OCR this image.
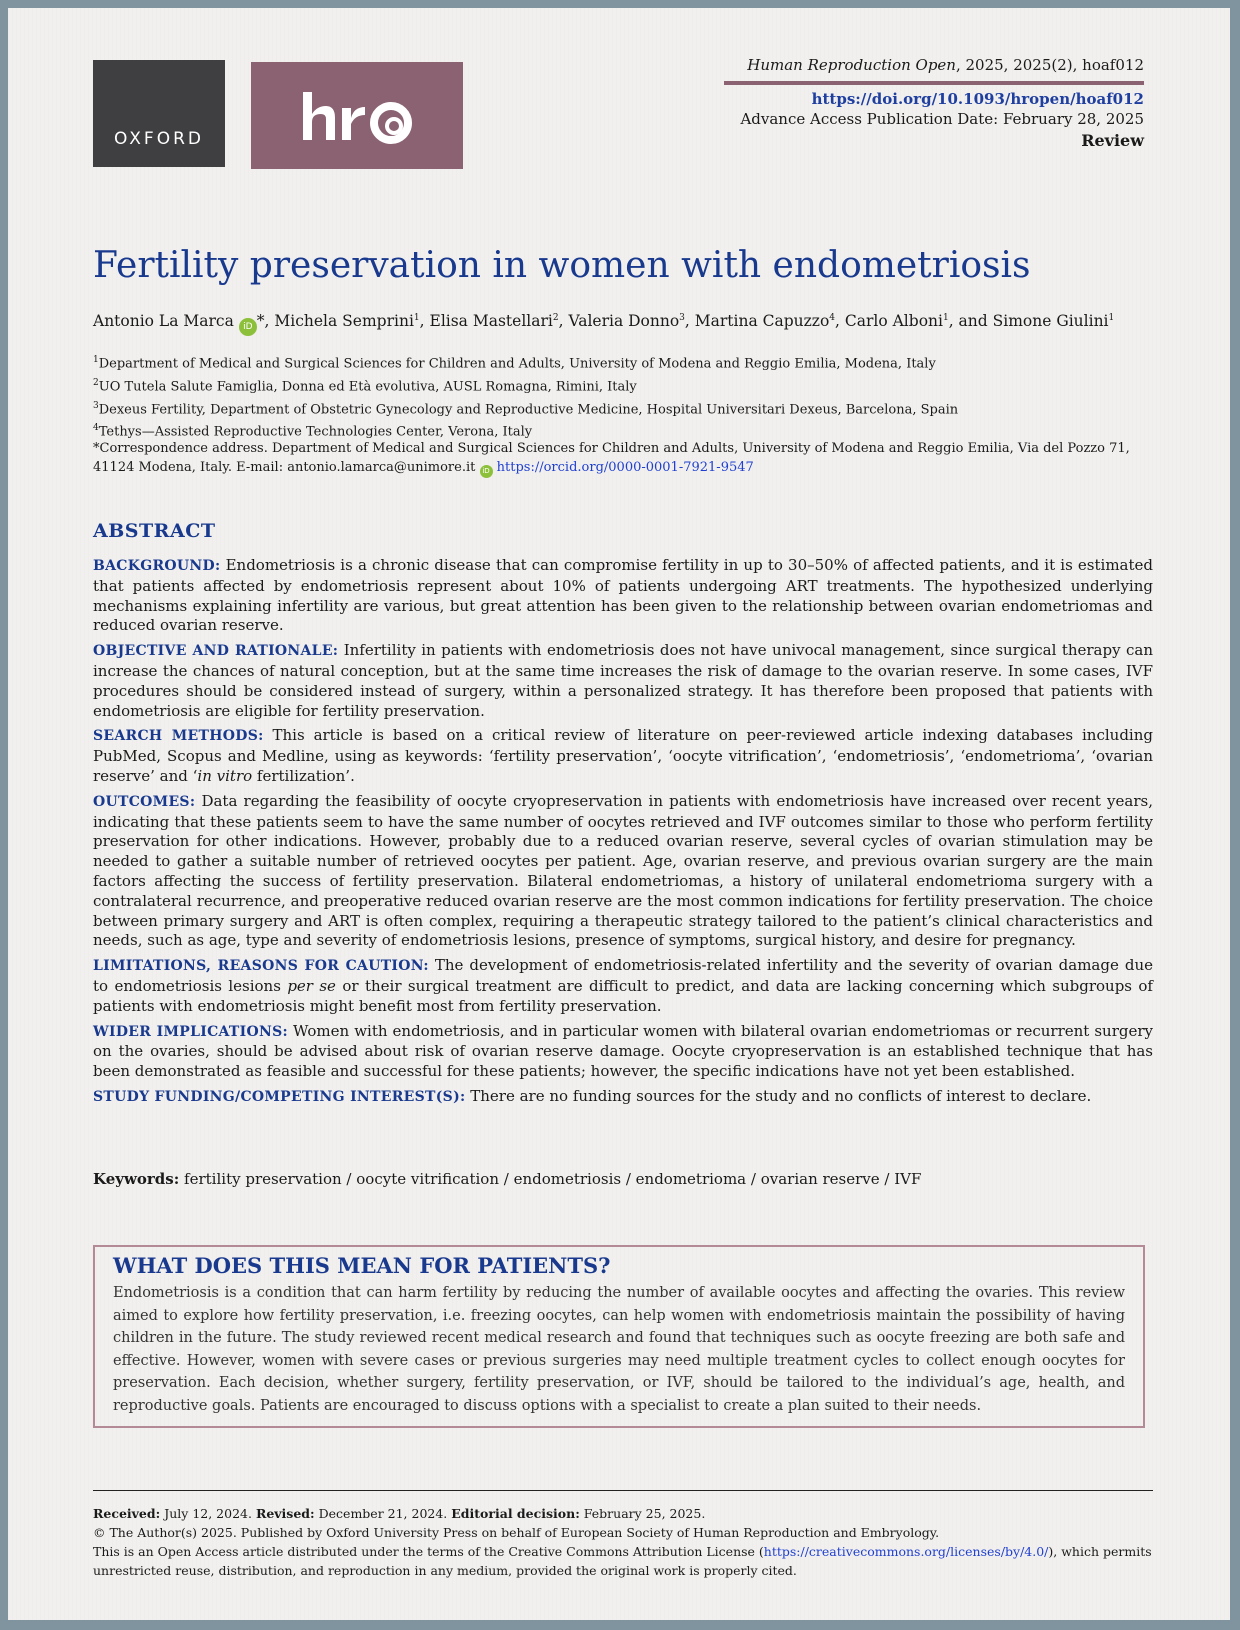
OXFORD
Human Reproduction Open, 2025, 2025(2), hoaf012
https://doi.org/10.1093/hropen/hoaf012
Advance Access Publication Date: February 28, 2025
Review
Fertility preservation in women with endometriosis
Antonio La Marca iD *, Michela Semprini$^1$, Elisa Mastellari$^2$, Valeria Donno$^3$, Martina Capuzzo$^4$, Carlo Alboni$^1$, and Simone Giulini$^1$
$^1$Department of Medical and Surgical Sciences for Children and Adults, University of Modena and Reggio Emilia, Modena, Italy
$^2$UO Tutela Salute Famiglia, Donna ed Età evolutiva, AUSL Romagna, Rimini, Italy
$^3$Dexeus Fertility, Department of Obstetric Gynecology and Reproductive Medicine, Hospital Universitari Dexeus, Barcelona, Spain
$^4$Tethys—Assisted Reproductive Technologies Center, Verona, Italy
*Correspondence address. Department of Medical and Surgical Sciences for Children and Adults, University of Modena and Reggio Emilia, Via del Pozzo 71, 41124 Modena, Italy. E-mail: antonio.lamarca@unimore.it iD https://orcid.org/0000-0001-7921-9547
ABSTRACT

BACKGROUND: Endometriosis is a chronic disease that can compromise fertility in up to 30–50% of affected patients, and it is estimated that patients affected by endometriosis represent about 10% of patients undergoing ART treatments. The hypothesized underlying mechanisms explaining infertility are various, but great attention has been given to the relationship between ovarian endometriomas and reduced ovarian reserve.

OBJECTIVE AND RATIONALE: Infertility in patients with endometriosis does not have univocal management, since surgical therapy can increase the chances of natural conception, but at the same time increases the risk of damage to the ovarian reserve. In some cases, IVF procedures should be considered instead of surgery, within a personalized strategy. It has therefore been proposed that patients with endometriosis are eligible for fertility preservation.

SEARCH METHODS: This article is based on a critical review of literature on peer-reviewed article indexing databases including PubMed, Scopus and Medline, using as keywords: ‘fertility preservation’, ‘oocyte vitrification’, ‘endometriosis’, ‘endometrioma’, ‘ovarian reserve’ and ‘in vitro fertilization’.

OUTCOMES: Data regarding the feasibility of oocyte cryopreservation in patients with endometriosis have increased over recent years, indicating that these patients seem to have the same number of oocytes retrieved and IVF outcomes similar to those who perform fertility preservation for other indications. However, probably due to a reduced ovarian reserve, several cycles of ovarian stimulation may be needed to gather a suitable number of retrieved oocytes per patient. Age, ovarian reserve, and previous ovarian surgery are the main factors affecting the success of fertility preservation. Bilateral endometriomas, a history of unilateral endometrioma surgery with a contralateral recurrence, and preoperative reduced ovarian reserve are the most common indications for fertility preservation. The choice between primary surgery and ART is often complex, requiring a therapeutic strategy tailored to the patient’s clinical characteristics and needs, such as age, type and severity of endometriosis lesions, presence of symptoms, surgical history, and desire for pregnancy.

LIMITATIONS, REASONS FOR CAUTION: The development of endometriosis-related infertility and the severity of ovarian damage due to endometriosis lesions per se or their surgical treatment are difficult to predict, and data are lacking concerning which subgroups of patients with endometriosis might benefit most from fertility preservation.

WIDER IMPLICATIONS: Women with endometriosis, and in particular women with bilateral ovarian endometriomas or recurrent surgery on the ovaries, should be advised about risk of ovarian reserve damage. Oocyte cryopreservation is an established technique that has been demonstrated as feasible and successful for these patients; however, the specific indications have not yet been established.

STUDY FUNDING/COMPETING INTEREST(S): There are no funding sources for the study and no conflicts of interest to declare.

Keywords: fertility preservation / oocyte vitrification / endometriosis / endometrioma / ovarian reserve / IVF
WHAT DOES THIS MEAN FOR PATIENTS?

Endometriosis is a condition that can harm fertility by reducing the number of available oocytes and affecting the ovaries. This review aimed to explore how fertility preservation, i.e. freezing oocytes, can help women with endometriosis maintain the possibility of having children in the future. The study reviewed recent medical research and found that techniques such as oocyte freezing are both safe and effective. However, women with severe cases or previous surgeries may need multiple treatment cycles to collect enough oocytes for preservation. Each decision, whether surgery, fertility preservation, or IVF, should be tailored to the individual’s age, health, and reproductive goals. Patients are encouraged to discuss options with a specialist to create a plan suited to their needs.

Received: July 12, 2024. Revised: December 21, 2024. Editorial decision: February 25, 2025.
© The Author(s) 2025. Published by Oxford University Press on behalf of European Society of Human Reproduction and Embryology.
This is an Open Access article distributed under the terms of the Creative Commons Attribution License (https://creativecommons.org/licenses/by/4.0/), which permits unrestricted reuse, distribution, and reproduction in any medium, provided the original work is properly cited.
